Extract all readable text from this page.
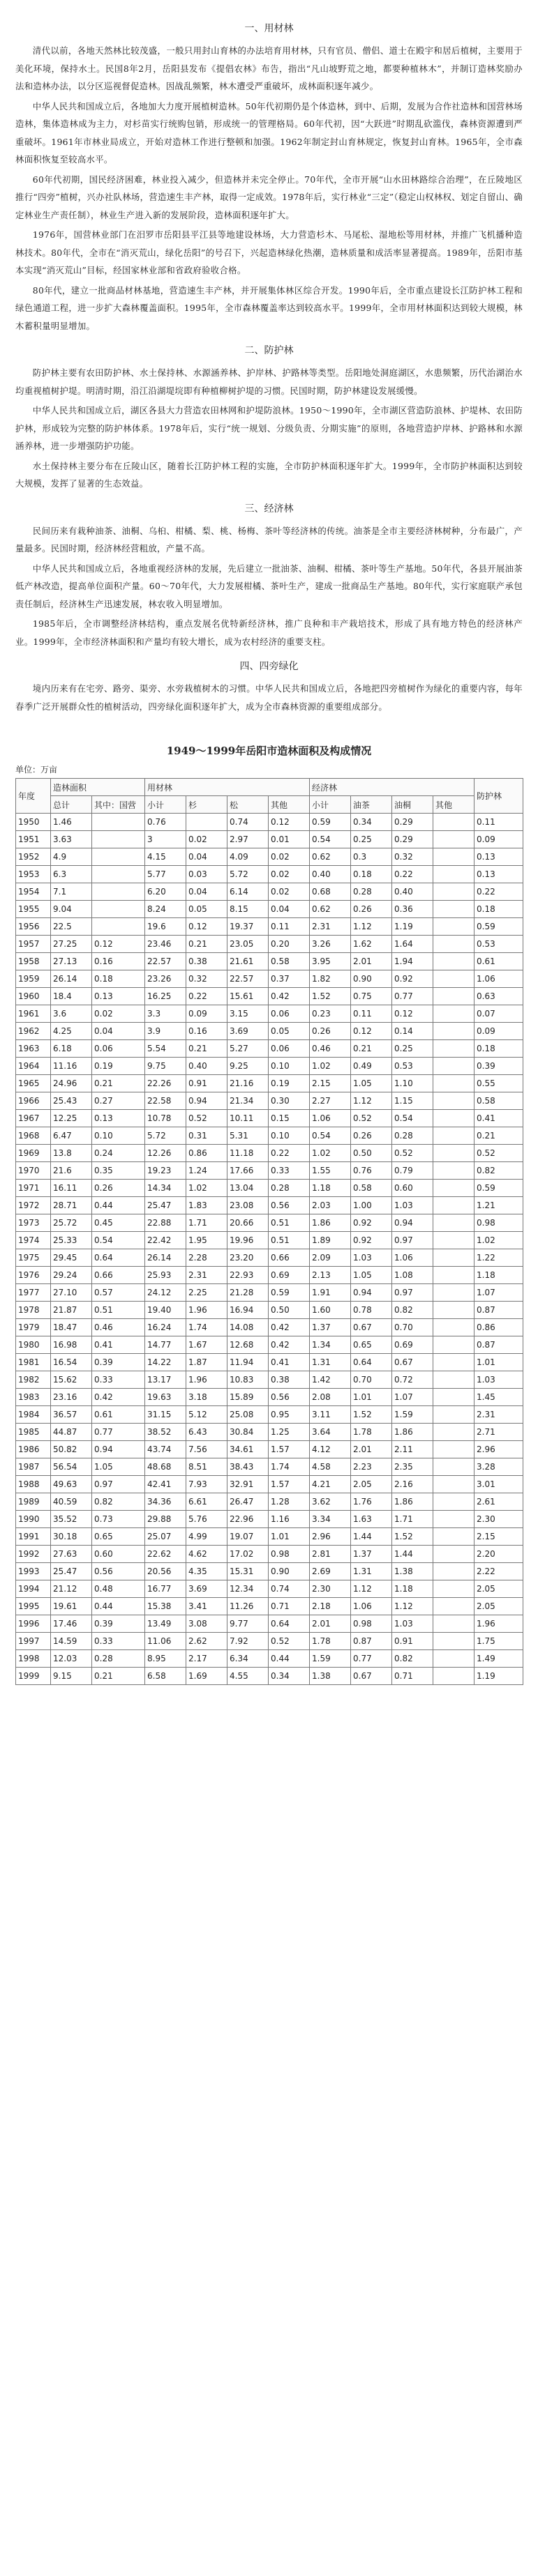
一、用材林

清代以前，各地天然林比较茂盛，一般只用封山育林的办法培育用材林，只有官员、僧侣、道士在殿宇和居后植树，主要用于美化环境，保持水土。民国8年2月，岳阳县发布《提倡农林》布告，指出“凡山坡野荒之地，都要种植林木”，并制订造林奖励办法和造林办法，以分区巡视督促造林。因战乱频繁，林木遭受严重破坏，成林面积逐年减少。

中华人民共和国成立后，各地加大力度开展植树造林。50年代初期仍是个体造林，到中、后期，发展为合作社造林和国营林场造林，集体造林成为主力，对杉苗实行统购包销，形成统一的管理格局。60年代初，因“大跃进”时期乱砍滥伐，森林资源遭到严重破坏。1961年市林业局成立，开始对造林工作进行整顿和加强。1962年制定封山育林规定，恢复封山育林。1965年，全市森林面积恢复至较高水平。

60年代初期，国民经济困难，林业投入减少，但造林并未完全停止。70年代，全市开展“山水田林路综合治理”，在丘陵地区推行“四旁”植树，兴办社队林场，营造速生丰产林，取得一定成效。1978年后，实行林业“三定”（稳定山权林权、划定自留山、确定林业生产责任制），林业生产进入新的发展阶段，造林面积逐年扩大。

1976年，国营林业部门在汨罗市岳阳县平江县等地建设林场，大力营造杉木、马尾松、湿地松等用材林，并推广飞机播种造林技术。80年代，全市在“消灭荒山，绿化岳阳”的号召下，兴起造林绿化热潮，造林质量和成活率显著提高。1989年，岳阳市基本实现“消灭荒山”目标，经国家林业部和省政府验收合格。

80年代，建立一批商品材林基地，营造速生丰产林，并开展集体林区综合开发。1990年后，全市重点建设长江防护林工程和绿色通道工程，进一步扩大森林覆盖面积。1995年，全市森林覆盖率达到较高水平。1999年，全市用材林面积达到较大规模，林木蓄积量明显增加。

二、防护林

防护林主要有农田防护林、水土保持林、水源涵养林、护岸林、护路林等类型。岳阳地处洞庭湖区，水患频繁，历代治湖治水均重视植树护堤。明清时期，沿江沿湖堤垸即有种植柳树护堤的习惯。民国时期，防护林建设发展缓慢。

中华人民共和国成立后，湖区各县大力营造农田林网和护堤防浪林。1950～1990年，全市湖区营造防浪林、护堤林、农田防护林，形成较为完整的防护林体系。1978年后，实行“统一规划、分级负责、分期实施”的原则，各地营造护岸林、护路林和水源涵养林，进一步增强防护功能。

水土保持林主要分布在丘陵山区，随着长江防护林工程的实施，全市防护林面积逐年扩大。1999年，全市防护林面积达到较大规模，发挥了显著的生态效益。

三、经济林

民间历来有栽种油茶、油桐、乌桕、柑橘、梨、桃、杨梅、茶叶等经济林的传统。油茶是全市主要经济林树种，分布最广，产量最多。民国时期，经济林经营粗放，产量不高。

中华人民共和国成立后，各地重视经济林的发展，先后建立一批油茶、油桐、柑橘、茶叶等生产基地。50年代，各县开展油茶低产林改造，提高单位面积产量。60～70年代，大力发展柑橘、茶叶生产，建成一批商品生产基地。80年代，实行家庭联产承包责任制后，经济林生产迅速发展，林农收入明显增加。

1985年后，全市调整经济林结构，重点发展名优特新经济林，推广良种和丰产栽培技术，形成了具有地方特色的经济林产业。1999年，全市经济林面积和产量均有较大增长，成为农村经济的重要支柱。

四、四旁绿化

境内历来有在宅旁、路旁、渠旁、水旁栽植树木的习惯。中华人民共和国成立后，各地把四旁植树作为绿化的重要内容，每年春季广泛开展群众性的植树活动，四旁绿化面积逐年扩大，成为全市森林资源的重要组成部分。

1949～1999年岳阳市造林面积及构成情况
单位：万亩
年度	造林面积		用材林				经济林				防护林	
	总计	其中：国营	小计	杉	松	其他	小计	油茶	油桐	其他		
1950	1.46		0.76		0.74	0.12	0.59	0.34	0.29		0.11	
1951	3.63		3	0.02	2.97	0.01	0.54	0.25	0.29		0.09	
1952	4.9		4.15	0.04	4.09	0.02	0.62	0.3	0.32		0.13	
1953	6.3		5.77	0.03	5.72	0.02	0.40	0.18	0.22		0.13	
1954	7.1		6.20	0.04	6.14	0.02	0.68	0.28	0.40		0.22	
1955	9.04		8.24	0.05	8.15	0.04	0.62	0.26	0.36		0.18	
1956	22.5		19.6	0.12	19.37	0.11	2.31	1.12	1.19		0.59	
1957	27.25	0.12	23.46	0.21	23.05	0.20	3.26	1.62	1.64		0.53	
1958	27.13	0.16	22.57	0.38	21.61	0.58	3.95	2.01	1.94		0.61	
1959	26.14	0.18	23.26	0.32	22.57	0.37	1.82	0.90	0.92		1.06	
1960	18.4	0.13	16.25	0.22	15.61	0.42	1.52	0.75	0.77		0.63	
1961	3.6	0.02	3.3	0.09	3.15	0.06	0.23	0.11	0.12		0.07	
1962	4.25	0.04	3.9	0.16	3.69	0.05	0.26	0.12	0.14		0.09	
1963	6.18	0.06	5.54	0.21	5.27	0.06	0.46	0.21	0.25		0.18	
1964	11.16	0.19	9.75	0.40	9.25	0.10	1.02	0.49	0.53		0.39	
1965	24.96	0.21	22.26	0.91	21.16	0.19	2.15	1.05	1.10		0.55	
1966	25.43	0.27	22.58	0.94	21.34	0.30	2.27	1.12	1.15		0.58	
1967	12.25	0.13	10.78	0.52	10.11	0.15	1.06	0.52	0.54		0.41	
1968	6.47	0.10	5.72	0.31	5.31	0.10	0.54	0.26	0.28		0.21	
1969	13.8	0.24	12.26	0.86	11.18	0.22	1.02	0.50	0.52		0.52	
1970	21.6	0.35	19.23	1.24	17.66	0.33	1.55	0.76	0.79		0.82	
1971	16.11	0.26	14.34	1.02	13.04	0.28	1.18	0.58	0.60		0.59	
1972	28.71	0.44	25.47	1.83	23.08	0.56	2.03	1.00	1.03		1.21	
1973	25.72	0.45	22.88	1.71	20.66	0.51	1.86	0.92	0.94		0.98	
1974	25.33	0.54	22.42	1.95	19.96	0.51	1.89	0.92	0.97		1.02	
1975	29.45	0.64	26.14	2.28	23.20	0.66	2.09	1.03	1.06		1.22	
1976	29.24	0.66	25.93	2.31	22.93	0.69	2.13	1.05	1.08		1.18	
1977	27.10	0.57	24.12	2.25	21.28	0.59	1.91	0.94	0.97		1.07	
1978	21.87	0.51	19.40	1.96	16.94	0.50	1.60	0.78	0.82		0.87	
1979	18.47	0.46	16.24	1.74	14.08	0.42	1.37	0.67	0.70		0.86	
1980	16.98	0.41	14.77	1.67	12.68	0.42	1.34	0.65	0.69		0.87	
1981	16.54	0.39	14.22	1.87	11.94	0.41	1.31	0.64	0.67		1.01	
1982	15.62	0.33	13.17	1.96	10.83	0.38	1.42	0.70	0.72		1.03	
1983	23.16	0.42	19.63	3.18	15.89	0.56	2.08	1.01	1.07		1.45	
1984	36.57	0.61	31.15	5.12	25.08	0.95	3.11	1.52	1.59		2.31	
1985	44.87	0.77	38.52	6.43	30.84	1.25	3.64	1.78	1.86		2.71	
1986	50.82	0.94	43.74	7.56	34.61	1.57	4.12	2.01	2.11		2.96	
1987	56.54	1.05	48.68	8.51	38.43	1.74	4.58	2.23	2.35		3.28	
1988	49.63	0.97	42.41	7.93	32.91	1.57	4.21	2.05	2.16		3.01	
1989	40.59	0.82	34.36	6.61	26.47	1.28	3.62	1.76	1.86		2.61	
1990	35.52	0.73	29.88	5.76	22.96	1.16	3.34	1.63	1.71		2.30	
1991	30.18	0.65	25.07	4.99	19.07	1.01	2.96	1.44	1.52		2.15	
1992	27.63	0.60	22.62	4.62	17.02	0.98	2.81	1.37	1.44		2.20	
1993	25.47	0.56	20.56	4.35	15.31	0.90	2.69	1.31	1.38		2.22	
1994	21.12	0.48	16.77	3.69	12.34	0.74	2.30	1.12	1.18		2.05	
1995	19.61	0.44	15.38	3.41	11.26	0.71	2.18	1.06	1.12		2.05	
1996	17.46	0.39	13.49	3.08	9.77	0.64	2.01	0.98	1.03		1.96	
1997	14.59	0.33	11.06	2.62	7.92	0.52	1.78	0.87	0.91		1.75	
1998	12.03	0.28	8.95	2.17	6.34	0.44	1.59	0.77	0.82		1.49	
1999	9.15	0.21	6.58	1.69	4.55	0.34	1.38	0.67	0.71		1.19	
